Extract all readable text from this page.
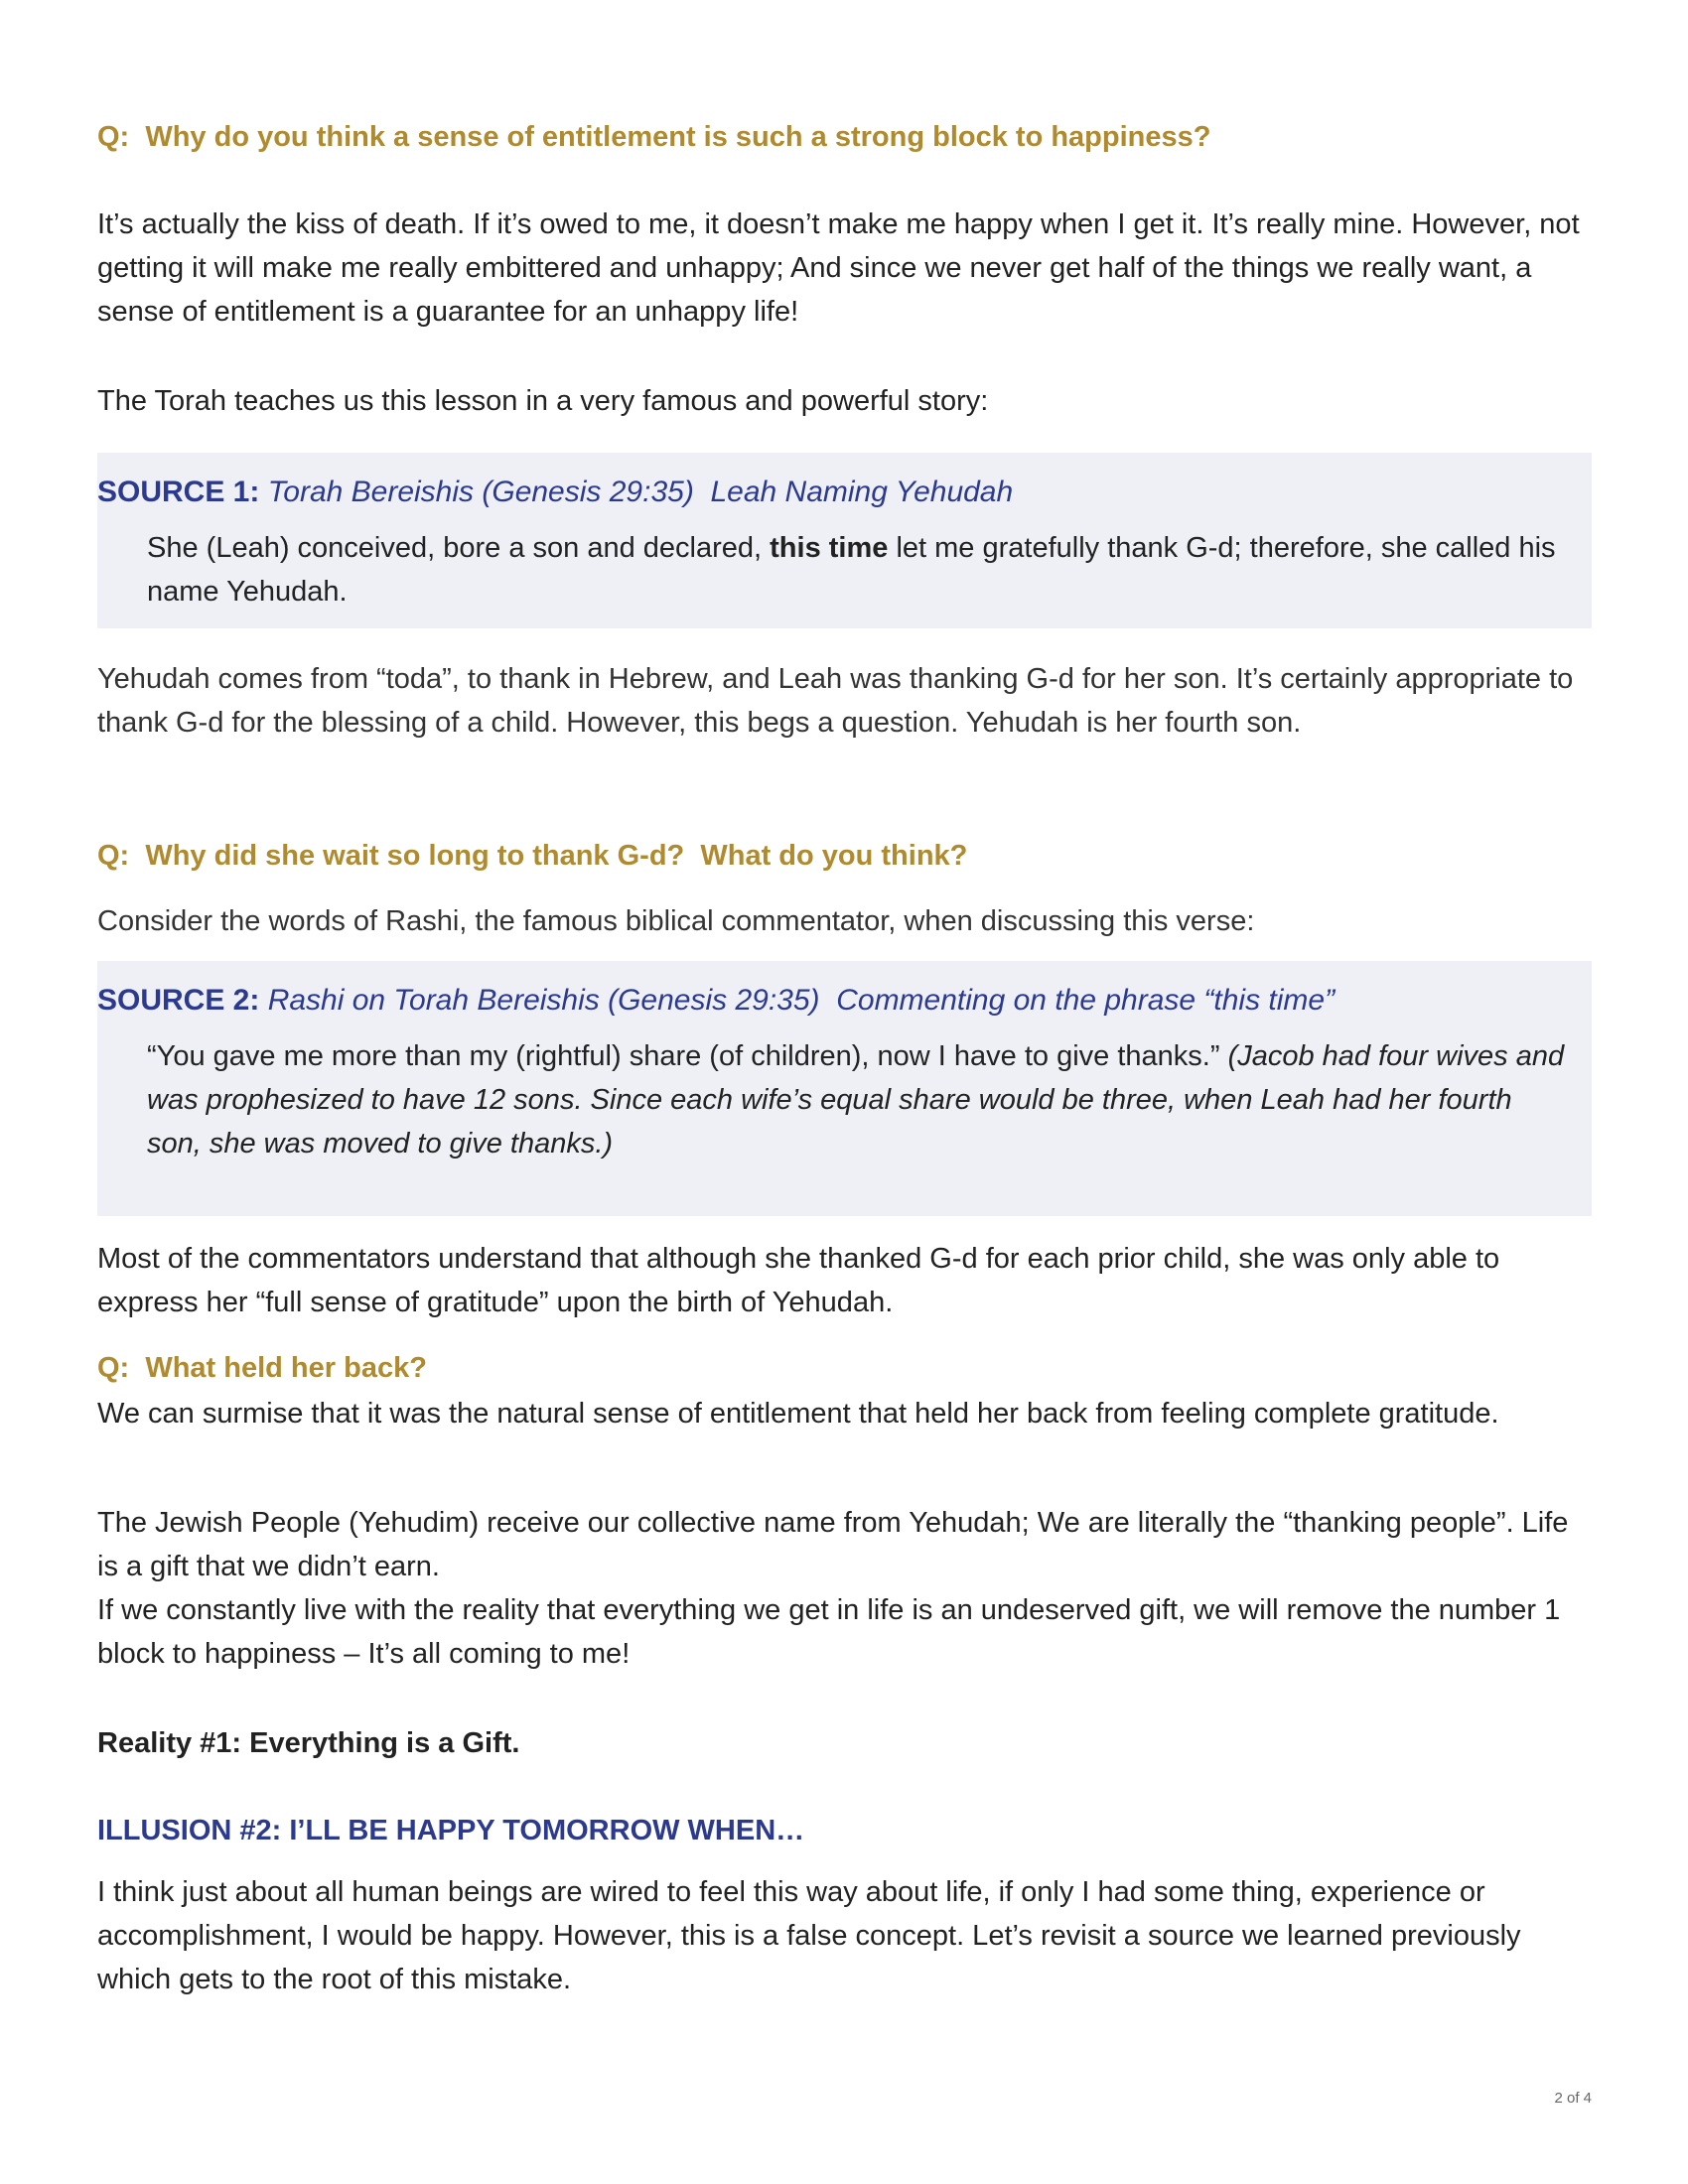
Q:  Why do you think a sense of entitlement is such a strong block to happiness?

It’s actually the kiss of death. If it’s owed to me, it doesn’t make me happy when I get it. It’s really mine. However, not getting it will make me really embittered and unhappy; And since we never get half of the things we really want, a sense of entitlement is a guarantee for an unhappy life!

The Torah teaches us this lesson in a very famous and powerful story:

SOURCE 1: Torah Bereishis (Genesis 29:35)  Leah Naming Yehudah

She (Leah) conceived, bore a son and declared, this time let me gratefully thank G-d; therefore, she called his name Yehudah.

Yehudah comes from “toda”, to thank in Hebrew, and Leah was thanking G-d for her son. It’s certainly appropriate to thank G-d for the blessing of a child. However, this begs a question. Yehudah is her fourth son.

Q:  Why did she wait so long to thank G-d?  What do you think?

Consider the words of Rashi, the famous biblical commentator, when discussing this verse:

SOURCE 2: Rashi on Torah Bereishis (Genesis 29:35)  Commenting on the phrase “this time”

“You gave me more than my (rightful) share (of children), now I have to give thanks.” (Jacob had four wives and was prophesized to have 12 sons. Since each wife’s equal share would be three, when Leah had her fourth son, she was moved to give thanks.)

Most of the commentators understand that although she thanked G-d for each prior child, she was only able to express her “full sense of gratitude” upon the birth of Yehudah.

Q:  What held her back?

We can surmise that it was the natural sense of entitlement that held her back from feeling complete gratitude.

The Jewish People (Yehudim) receive our collective name from Yehudah; We are literally the “thanking people”. Life is a gift that we didn’t earn.

If we constantly live with the reality that everything we get in life is an undeserved gift, we will remove the number 1 block to happiness – It’s all coming to me!

Reality #1: Everything is a Gift.

ILLUSION #2: I’LL BE HAPPY TOMORROW WHEN…

I think just about all human beings are wired to feel this way about life, if only I had some thing, experience or accomplishment, I would be happy. However, this is a false concept. Let’s revisit a source we learned previously which gets to the root of this mistake.

2 of 4
